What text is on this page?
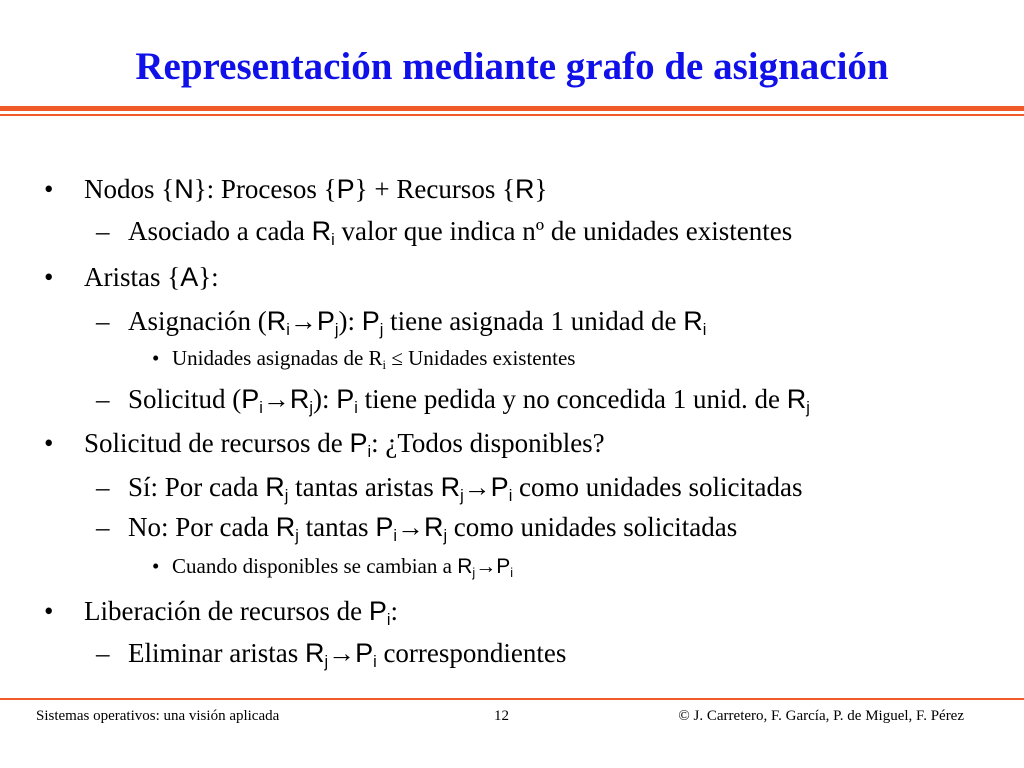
Representación mediante grafo de asignación
• Nodos {N}: Procesos {P} + Recursos {R}
– Asociado a cada $R_i$ valor que indica nº de unidades existentes
• Aristas {A}:
– Asignación $(R_i\to P_j)$: $P_j$ tiene asignada 1 unidad de $R_i$
• Unidades asignadas de $R_i$ ≤ Unidades existentes
– Solicitud $(P_i\to R_j)$: $P_i$ tiene pedida y no concedida 1 unid. de $R_j$
• Solicitud de recursos de $P_i$: ¿Todos disponibles?
– Sí: Por cada $R_j$ tantas aristas $R_j\to P_i$ como unidades solicitadas
– No: Por cada $R_j$ tantas $P_i\to R_j$ como unidades solicitadas
• Cuando disponibles se cambian a $R_j\to P_i$
• Liberación de recursos de $P_i$:
– Eliminar aristas $R_j\to P_i$ correspondientes
Sistemas operativos: una visión aplicada	12	© J. Carretero, F. García, P. de Miguel, F. Pérez
